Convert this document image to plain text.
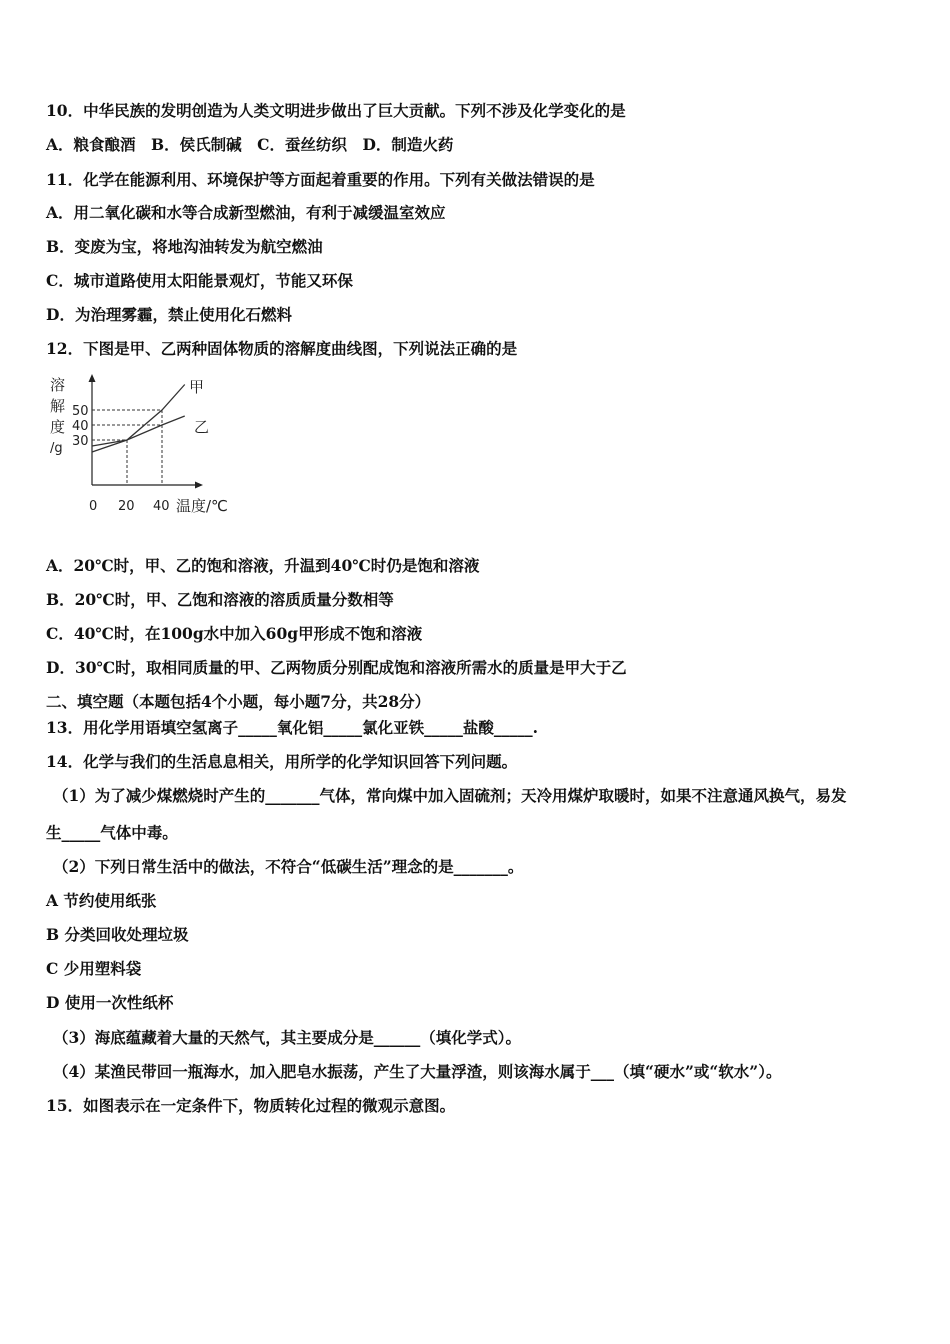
10．中华民族的发明创造为人类文明进步做出了巨大贡献。下列不涉及化学变化的是
A．粮食酿酒　B．侯氏制碱　C．蚕丝纺织　D．制造火药
11．化学在能源利用、环境保护等方面起着重要的作用。下列有关做法错误的是
A．用二氧化碳和水等合成新型燃油，有利于减缓温室效应
B．变废为宝，将地沟油转发为航空燃油
C．城市道路使用太阳能景观灯，节能又环保
D．为治理雾霾，禁止使用化石燃料
12．下图是甲、乙两种固体物质的溶解度曲线图，下列说法正确的是
溶
解
度
/g 30
40
50
0 20 40 温度/℃
甲
乙
A．20℃时，甲、乙的饱和溶液，升温到40℃时仍是饱和溶液
B．20℃时，甲、乙饱和溶液的溶质质量分数相等
C．40℃时，在100g水中加入60g甲形成不饱和溶液
D．30℃时，取相同质量的甲、乙两物质分别配成饱和溶液所需水的质量是甲大于乙
二、填空题（本题包括4个小题，每小题7分，共28分）
13．用化学用语填空氢离子_____氧化铝_____氯化亚铁_____盐酸_____.
14．化学与我们的生活息息相关，用所学的化学知识回答下列问题。
（1）为了减少煤燃烧时产生的_______气体，常向煤中加入固硫剂；天冷用煤炉取暖时，如果不注意通风换气，易发
生_____气体中毒。
（2）下列日常生活中的做法，不符合“低碳生活”理念的是_______。
A 节约使用纸张
B 分类回收处理垃圾
C 少用塑料袋
D 使用一次性纸杯
（3）海底蕴藏着大量的天然气，其主要成分是______（填化学式）。
（4）某渔民带回一瓶海水，加入肥皂水振荡，产生了大量浮渣，则该海水属于___（填“硬水”或“软水”）。
15．如图表示在一定条件下，物质转化过程的微观示意图。
